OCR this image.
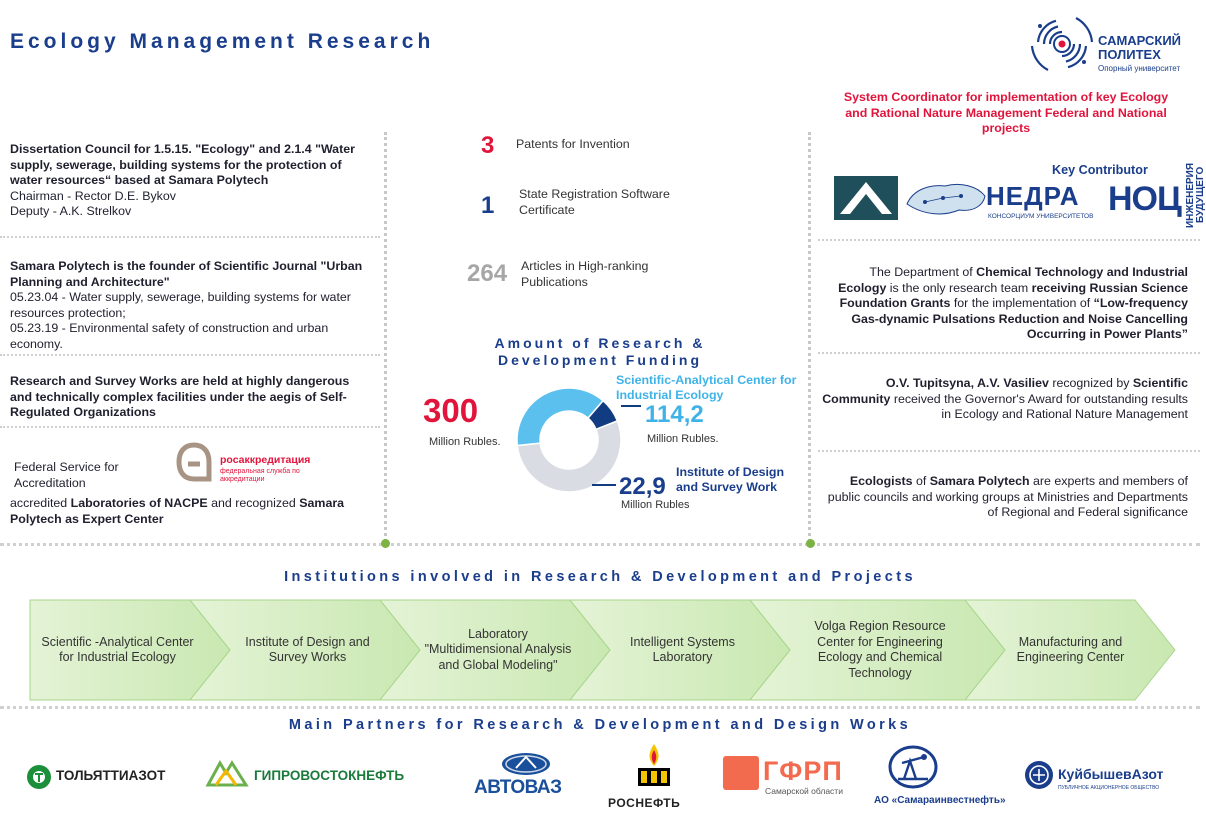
Ecology Management Research	САМАРСКИЙ
ПОЛИТЕХ
Опорный университет
Dissertation Council for 1.5.15. "Ecology" and 2.1.4 "Water supply, sewerage, building systems for the protection of water resources“ based at Samara Polytech
Chairman - Rector D.E. Bykov
Deputy - A.K. Strelkov
Samara Polytech is the founder of Scientific Journal "Urban Planning and Architecture"
05.23.04 - Water supply, sewerage, building systems for water resources protection;
05.23.19 - Environmental safety of construction and urban economy.
Research and Survey Works are held at highly dangerous and technically complex facilities under the aegis of Self-Regulated Organizations
Federal Service for Accreditation
росаккредитация
федеральная служба по аккредитации
accredited Laboratories of NACPE and recognized Samara Polytech as Expert Center
3 Patents for Invention
1 State Registration Software Certificate
264 Articles in High-ranking Publications
Amount of Research &
Development Funding
300
Million Rubles.
Scientific-Analytical Center for Industrial Ecology
114,2
Million Rubles.
Institute of Design and Survey Work
22,9
Million Rubles
System Coordinator for implementation of key Ecology and Rational Nature Management Federal and National projects
Key Contributor
НЕДРА
КОНСОРЦИУМ УНИВЕРСИТЕТОВ НОЦ ИНЖЕНЕРИЯ БУДУЩЕГО
The Department of Chemical Technology and Industrial Ecology is the only research team receiving Russian Science Foundation Grants for the implementation of “Low-frequency Gas-dynamic Pulsations Reduction and Noise Cancelling Occurring in Power Plants”
O.V. Tupitsyna, A.V. Vasiliev recognized by Scientific Community received the Governor's Award for outstanding results in Ecology and Rational Nature Management
Ecologists of Samara Polytech are experts and members of public councils and working groups at Ministries and Departments of Regional and Federal significance
Institutions involved in Research & Development and Projects
Scientific -Analytical Center for Industrial Ecology
Institute of Design and Survey Works
Laboratory "Multidimensional Analysis and Global Modeling"
Intelligent Systems Laboratory
Volga Region Resource Center for Engineering Ecology and Chemical Technology
Manufacturing and Engineering Center
Main Partners for Research & Development and Design Works
ТОЛЬЯТТИАЗОТ	ГИПРОВОСТОКНЕФТЬ
АВТОВАЗ
РОСНЕФТЬ
ГФРП
Самарской области
АО «Самараинвестнефть»
КуйбышевАзот
ПУБЛИЧНОЕ АКЦИОНЕРНОЕ ОБЩЕСТВО
